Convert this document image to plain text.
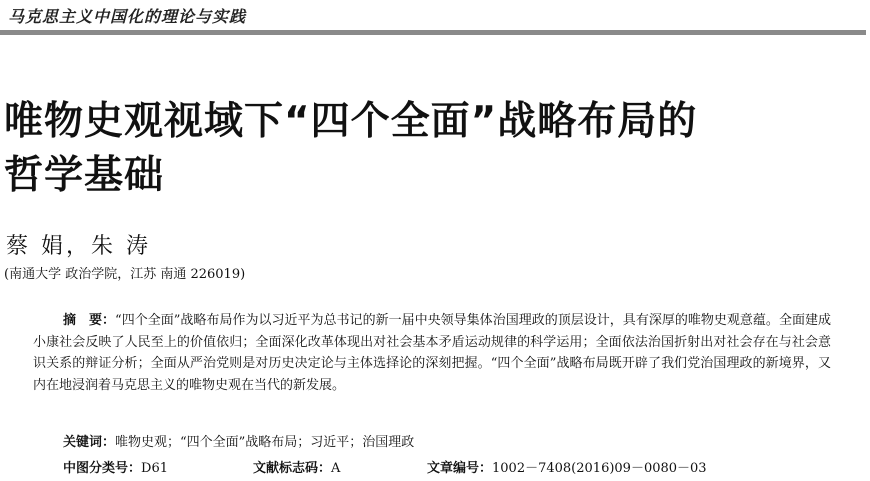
马克思主义中国化的理论与实践
唯物史观视域下“四个全面”战略布局的
哲学基础
蔡 娟，朱 涛
(南通大学 政治学院，江苏 南通 226019)
摘　要：“四个全面”战略布局作为以习近平为总书记的新一届中央领导集体治国理政的顶层设计，具有深厚的唯物史观意蕴。全面建成小康社会反映了人民至上的价值依归；全面深化改革体现出对社会基本矛盾运动规律的科学运用；全面依法治国折射出对社会存在与社会意识关系的辩证分析；全面从严治党则是对历史决定论与主体选择论的深刻把握。“四个全面”战略布局既开辟了我们党治国理政的新境界，又内在地浸润着马克思主义的唯物史观在当代的新发展。
关键词：唯物史观；“四个全面”战略布局；习近平；治国理政
中图分类号：D61	文献标志码：A	文章编号：1002－7408(2016)09－0080－03
